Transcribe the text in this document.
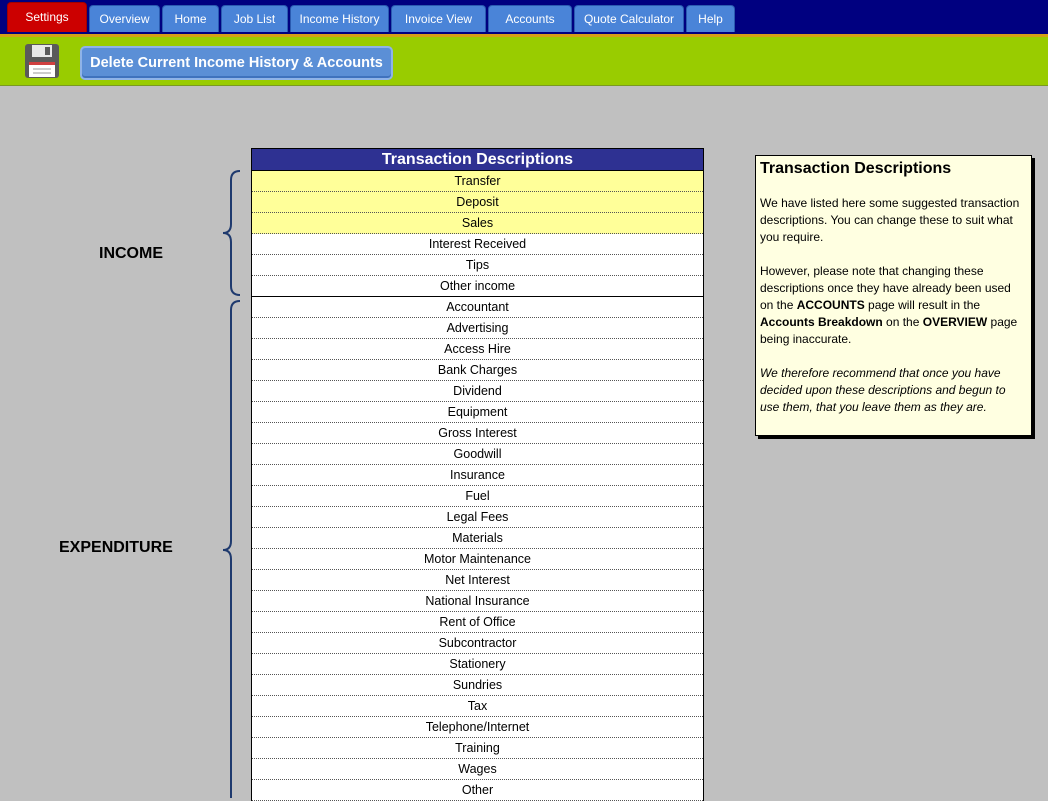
Settings	Overview	Home	Job List	Income History	Invoice View	Accounts	Quote Calculator	Help
Delete Current Income History & Accounts
INCOME
EXPENDITURE
Transaction Descriptions
Transfer
Deposit
Sales
Interest Received
Tips
Other income
Accountant
Advertising
Access Hire
Bank Charges
Dividend
Equipment
Gross Interest
Goodwill
Insurance
Fuel
Legal Fees
Materials
Motor Maintenance
Net Interest
National Insurance
Rent of Office
Subcontractor
Stationery
Sundries
Tax
Telephone/Internet
Training
Wages
Other
Transaction Descriptions

We have listed here some suggested transaction descriptions. You can change these to suit what you require.

However, please note that changing these descriptions once they have already been used on the ACCOUNTS page will result in the Accounts Breakdown on the OVERVIEW page being inaccurate.

We therefore recommend that once you have decided upon these descriptions and begun to use them, that you leave them as they are.
